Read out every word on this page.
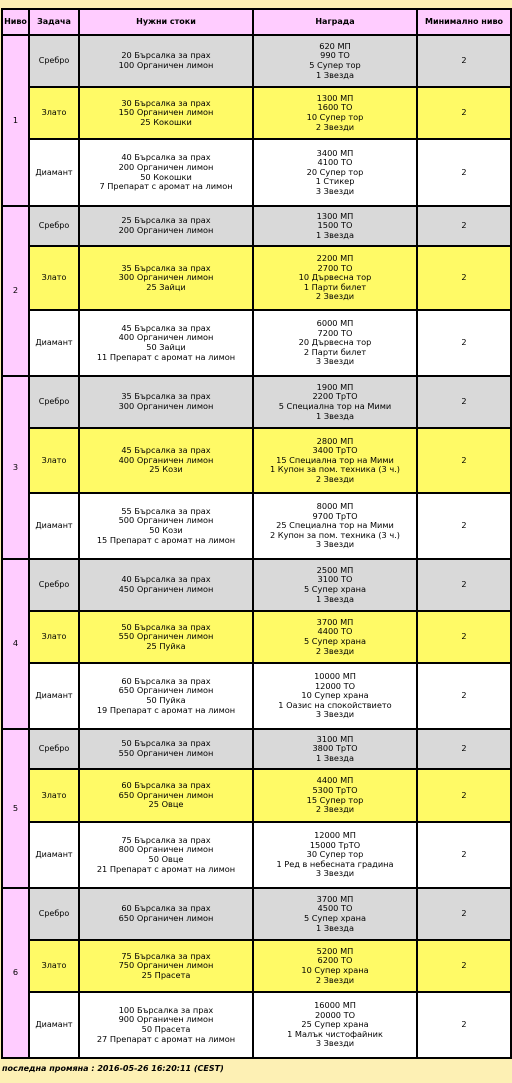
Ниво	Задача	Нужни стоки	Награда	Минимално ниво
1	Сребро	20 Бърсалка за прах
100 Органичен лимон	620 МП
990 ТО
5 Супер тор
1 Звезда	2
	Злато	30 Бърсалка за прах
150 Органичен лимон
25 Кокошки	1300 МП
1600 ТО
10 Супер тор
2 Звезди	2
	Диамант	40 Бърсалка за прах
200 Органичен лимон
50 Кокошки
7 Препарат с аромат на лимон	3400 МП
4100 ТО
20 Супер тор
1 Стикер
3 Звезди	2
2	Сребро	25 Бърсалка за прах
200 Органичен лимон	1300 МП
1500 ТО
1 Звезда	2
	Злато	35 Бърсалка за прах
300 Органичен лимон
25 Зайци	2200 МП
2700 ТО
10 Дървесна тор
1 Парти билет
2 Звезди	2
	Диамант	45 Бърсалка за прах
400 Органичен лимон
50 Зайци
11 Препарат с аромат на лимон	6000 МП
7200 ТО
20 Дървесна тор
2 Парти билет
3 Звезди	2
3	Сребро	35 Бърсалка за прах
300 Органичен лимон	1900 МП
2200 ТрТО
5 Специална тор на Мими
1 Звезда	2
	Злато	45 Бърсалка за прах
400 Органичен лимон
25 Кози	2800 МП
3400 ТрТО
15 Специална тор на Мими
1 Купон за пом. техника (3 ч.)
2 Звезди	2
	Диамант	55 Бърсалка за прах
500 Органичен лимон
50 Кози
15 Препарат с аромат на лимон	8000 МП
9700 ТрТО
25 Специална тор на Мими
2 Купон за пом. техника (3 ч.)
3 Звезди	2
4	Сребро	40 Бърсалка за прах
450 Органичен лимон	2500 МП
3100 ТО
5 Супер храна
1 Звезда	2
	Злато	50 Бърсалка за прах
550 Органичен лимон
25 Пуйка	3700 МП
4400 ТО
5 Супер храна
2 Звезди	2
	Диамант	60 Бърсалка за прах
650 Органичен лимон
50 Пуйка
19 Препарат с аромат на лимон	10000 МП
12000 ТО
10 Супер храна
1 Оазис на спокойствието
3 Звезди	2
5	Сребро	50 Бърсалка за прах
550 Органичен лимон	3100 МП
3800 ТрТО
1 Звезда	2
	Злато	60 Бърсалка за прах
650 Органичен лимон
25 Овце	4400 МП
5300 ТрТО
15 Супер тор
2 Звезди	2
	Диамант	75 Бърсалка за прах
800 Органичен лимон
50 Овце
21 Препарат с аромат на лимон	12000 МП
15000 ТрТО
30 Супер тор
1 Ред в небесната градина
3 Звезди	2
6	Сребро	60 Бърсалка за прах
650 Органичен лимон	3700 МП
4500 ТО
5 Супер храна
1 Звезда	2
	Злато	75 Бърсалка за прах
750 Органичен лимон
25 Прасета	5200 МП
6200 ТО
10 Супер храна
2 Звезди	2
	Диамант	100 Бърсалка за прах
900 Органичен лимон
50 Прасета
27 Препарат с аромат на лимон	16000 МП
20000 ТО
25 Супер храна
1 Малък чистофайник
3 Звезди	2
последна промяна : 2016-05-26 16:20:11 (CEST)
